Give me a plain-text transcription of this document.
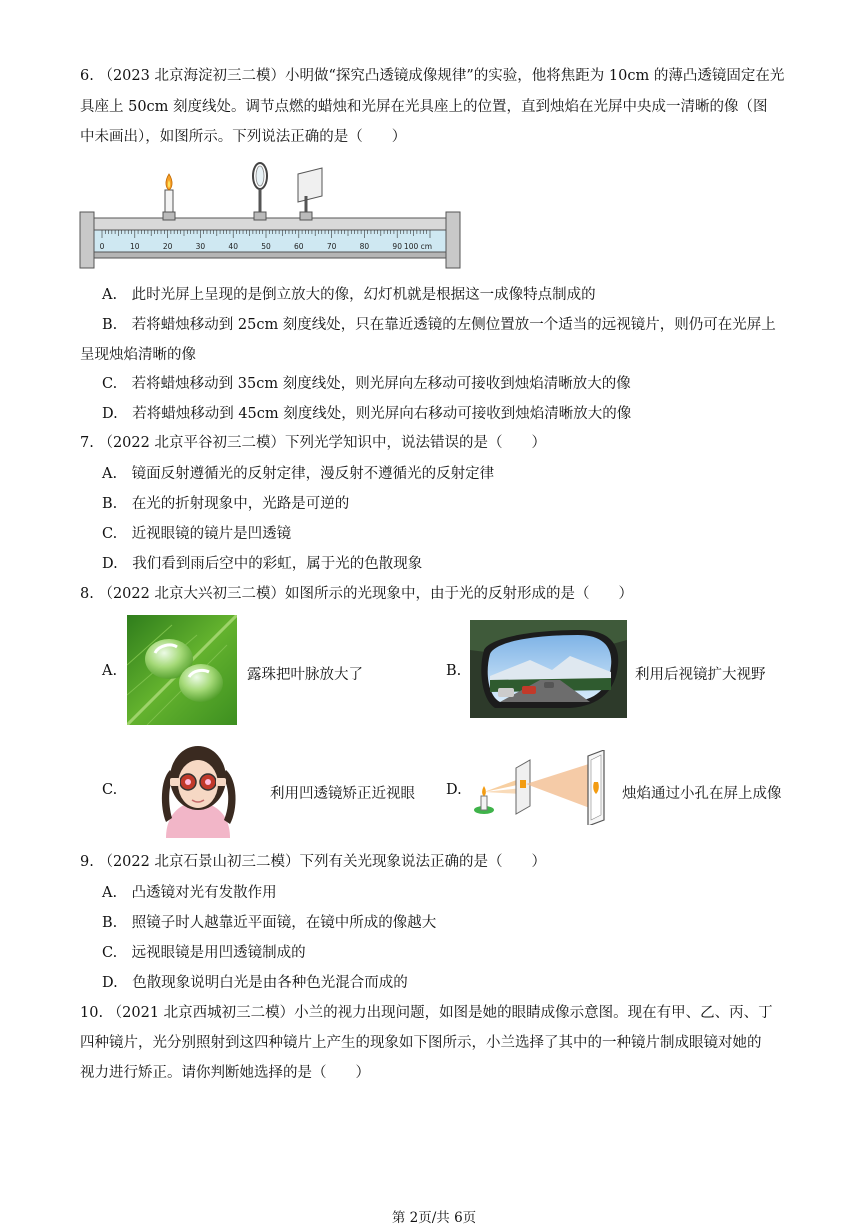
6. （2023 北京海淀初三二模）小明做“探究凸透镜成像规律”的实验，他将焦距为 10cm 的薄凸透镜固定在光
具座上 50cm 刻度线处。调节点燃的蜡烛和光屏在光具座上的位置，直到烛焰在光屏中央成一清晰的像（图
中未画出），如图所示。下列说法正确的是（　　）
0	10	20	30	40	50	60	70	80	90 100 cm
A.　此时光屏上呈现的是倒立放大的像，幻灯机就是根据这一成像特点制成的
B.　若将蜡烛移动到 25cm 刻度线处，只在靠近透镜的左侧位置放一个适当的远视镜片，则仍可在光屏上
呈现烛焰清晰的像
C.　若将蜡烛移动到 35cm 刻度线处，则光屏向左移动可接收到烛焰清晰放大的像
D.　若将蜡烛移动到 45cm 刻度线处，则光屏向右移动可接收到烛焰清晰放大的像
7. （2022 北京平谷初三二模）下列光学知识中，说法错误的是（　　）
A.　镜面反射遵循光的反射定律，漫反射不遵循光的反射定律
B.　在光的折射现象中，光路是可逆的
C.　近视眼镜的镜片是凹透镜
D.　我们看到雨后空中的彩虹，属于光的色散现象
8. （2022 北京大兴初三二模）如图所示的光现象中，由于光的反射形成的是（　　）
A.	露珠把叶脉放大了	B.	利用后视镜扩大视野
C.	利用凹透镜矫正近视眼 D.	烛焰通过小孔在屏上成像
9. （2022 北京石景山初三二模）下列有关光现象说法正确的是（　　）
A.　凸透镜对光有发散作用
B.　照镜子时人越靠近平面镜，在镜中所成的像越大
C.　远视眼镜是用凹透镜制成的
D.　色散现象说明白光是由各种色光混合而成的
10. （2021 北京西城初三二模）小兰的视力出现问题，如图是她的眼睛成像示意图。现在有甲、乙、丙、丁
四种镜片，光分别照射到这四种镜片上产生的现象如下图所示，小兰选择了其中的一种镜片制成眼镜对她的
视力进行矫正。请你判断她选择的是（　　）
第 2页/共 6页
